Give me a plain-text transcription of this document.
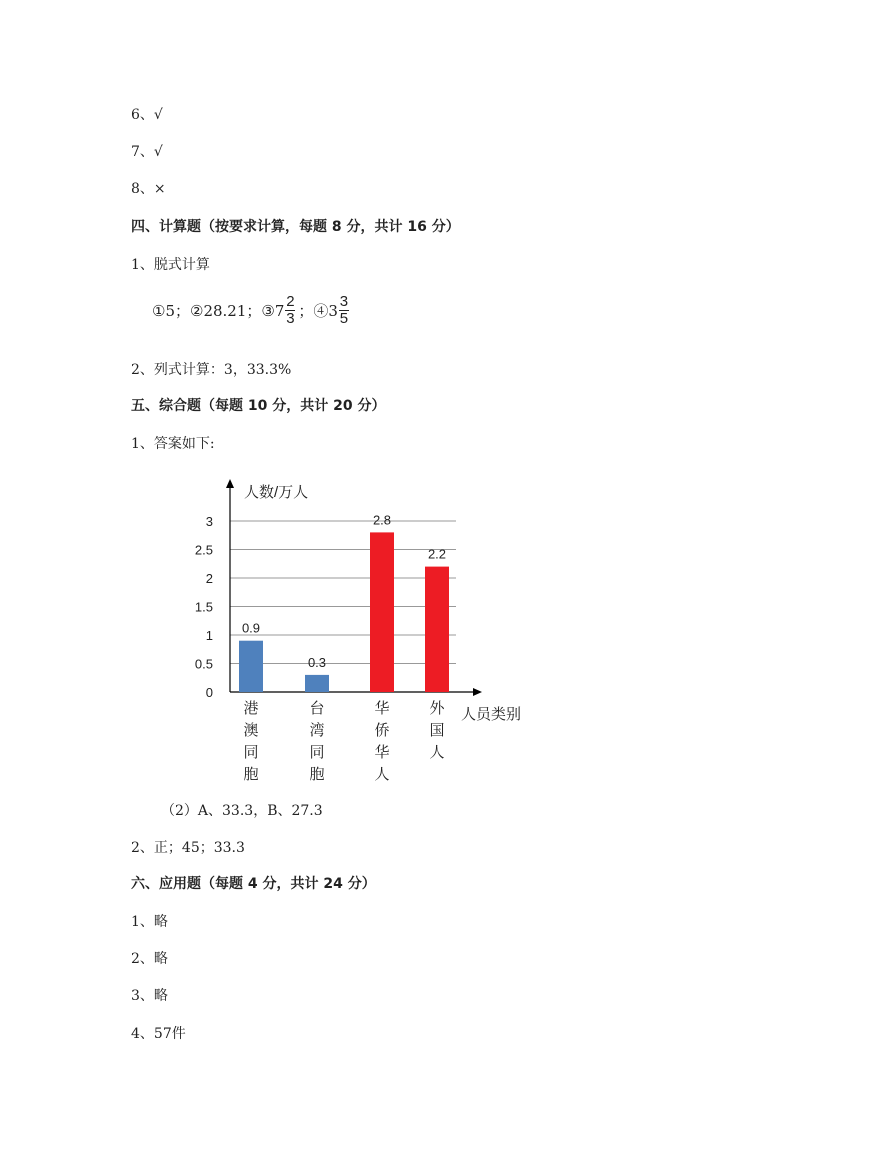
6、√
7、√
8、×
四、计算题（按要求计算，每题 8 分，共计 16 分）
1、脱式计算
①5；②28.21；③7 $\frac{2}{3}$ ；④3 $\frac{3}{5}$
2、列式计算：3，33.3%
五、综合题（每题 10 分，共计 20 分）
1、答案如下:
人数/万人
人员类别
0
0.5
1
1.5
2
2.5
3
0.9
港
澳
同
胞
0.3
台
湾
同
胞
2.8
华
侨
华
人
2.2
外
国
人
（2）A、33.3，B、27.3
2、正；45；33.3
六、应用题（每题 4 分，共计 24 分）
1、略
2、略
3、略
4、57件
